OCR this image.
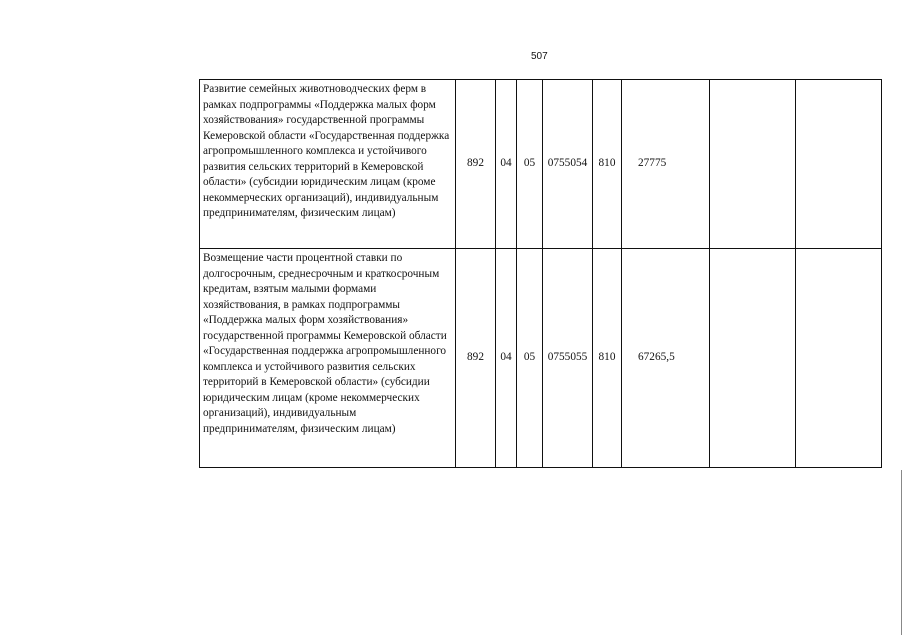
507
Развитие семейных животноводческих ферм в рамках подпрограммы «Поддержка малых форм хозяйствования» государственной программы Кемеровской области «Государственная поддержка агропромышленного комплекса и устойчивого развития сельских территорий в Кемеровской области» (субсидии юридическим лицам (кроме некоммерческих организаций), индивидуальным предпринимателям, физическим лицам)	892	04	05	0755054	810	27775		
Возмещение части процентной ставки по долгосрочным, среднесрочным и краткосрочным кредитам, взятым малыми формами хозяйствования, в рамках подпрограммы «Поддержка малых форм хозяйствования» государственной программы Кемеровской области «Государственная поддержка агропромышленного комплекса и устойчивого развития сельских территорий в Кемеровской области» (субсидии юридическим лицам (кроме некоммерческих организаций), индивидуальным предпринимателям, физическим лицам)	892	04	05	0755055	810	67265,5		
